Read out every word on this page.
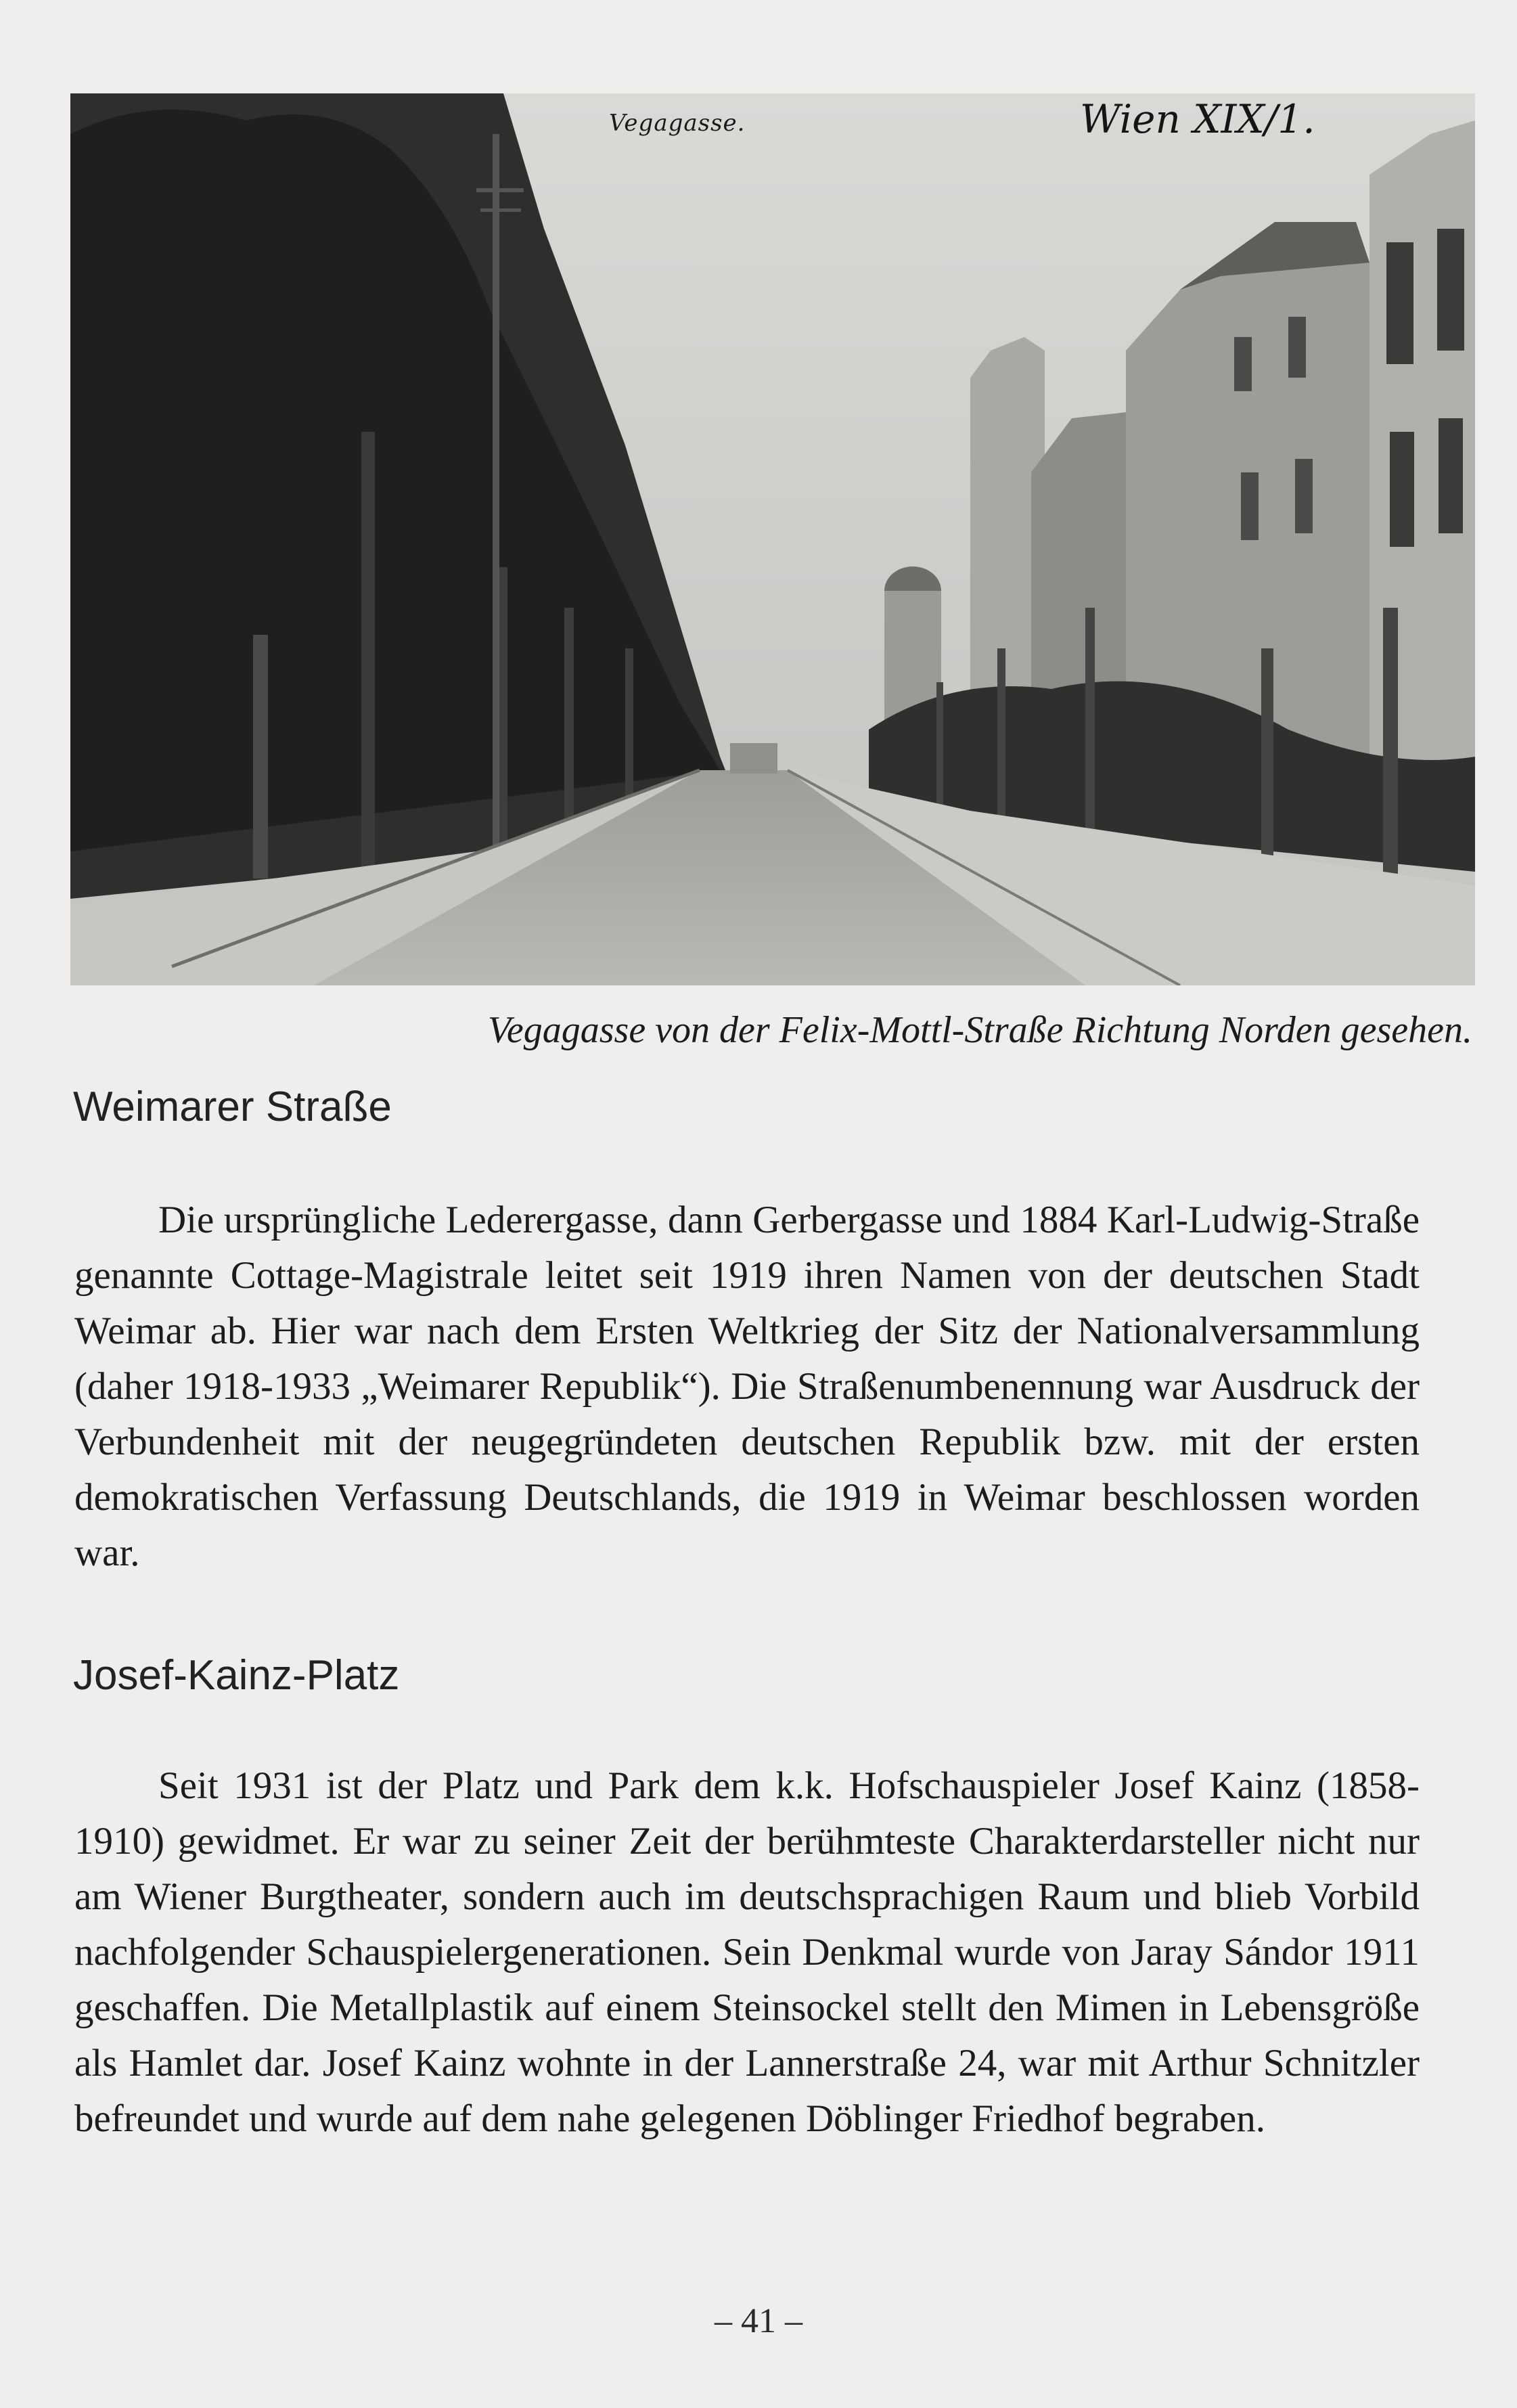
Vegagasse.	Wien XIX/1.
Vegagasse von der Felix-Mottl-Straße Richtung Norden gesehen.
Weimarer Straße

Die ursprüngliche Lederergasse, dann Gerbergasse und 1884 Karl-Ludwig-Straße genannte Cottage-Magistrale leitet seit 1919 ihren Namen von der deutschen Stadt Weimar ab. Hier war nach dem Ersten Weltkrieg der Sitz der Nationalversammlung (daher 1918-1933 „Weimarer Republik“). Die Straßenumbenennung war Ausdruck der Verbundenheit mit der neugegründeten deutschen Republik bzw. mit der ersten demokratischen Verfassung Deutschlands, die 1919 in Weimar beschlossen worden war.

Josef-Kainz-Platz

Seit 1931 ist der Platz und Park dem k.k. Hofschauspieler Josef Kainz (1858-1910) gewidmet. Er war zu seiner Zeit der berühmteste Charakterdarsteller nicht nur am Wiener Burgtheater, sondern auch im deutschsprachigen Raum und blieb Vorbild nachfolgender Schauspielergenerationen. Sein Denkmal wurde von Jaray Sándor 1911 geschaffen. Die Metallplastik auf einem Steinsockel stellt den Mimen in Lebensgröße als Hamlet dar. Josef Kainz wohnte in der Lannerstraße 24, war mit Arthur Schnitzler befreundet und wurde auf dem nahe gelegenen Döblinger Friedhof begraben.

– 41 –
